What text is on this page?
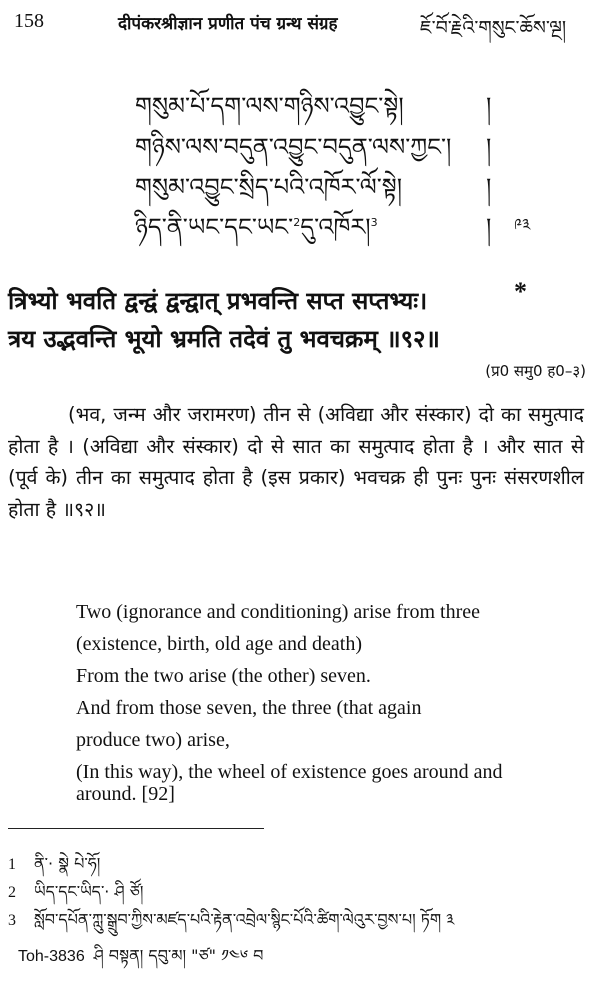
158	दीपंकरश्रीज्ञान प्रणीत पंच ग्रन्थ संग्रह	ཇོ་བོ་རྗེའི་གསུང་ཆོས་ལྔ།
གསུམ་པོ་དག་ལས་གཉིས་འབྱུང་སྟེ།	།
གཉིས་ལས་བདུན་འབྱུང་བདུན་ལས་ཀྱང་། །
གསུམ་འབྱུང་སྲིད་པའི་འཁོར་ལོ་སྟེ།	།
ཉིད་ནི་ཡང་དང་ཡང་$^2$དུ་འཁོར།$^3$	། ༩༣
त्रिभ्यो भवति द्वन्द्वं द्वन्द्वात् प्रभवन्ति सप्त सप्तभ्यः।	*
त्रय उद्भवन्ति भूयो भ्रमति तदेवं तु भवचक्रम् ॥९२॥
(प्र0 समु0 ह0–३)

(भव, जन्म और जरामरण) तीन से (अविद्या और संस्कार) दो का समुत्पाद होता है । (अविद्या और संस्कार) दो से सात का समुत्पाद होता है । और सात से (पूर्व के) तीन का समुत्पाद होता है (इस प्रकार) भवचक्र ही पुनः पुनः संसरणशील होता है ॥९२॥

Two (ignorance and conditioning) arise from three
(existence, birth, old age and death)
From the two arise (the other) seven.
And from those seven, the three (that again
produce two) arise,
(In this way), the wheel of existence goes around and around. [92]
1 ནི་· སྣེ པེ་ཧོ།
2 ཡིད་དང་ཡིད་· ཤི ཙོ།
3 སློབ་དཔོན་ཀླུ་སྒྲུབ་ཀྱིས་མཛད་པའི་རྟེན་འབྲེལ་སྙིང་པོའི་ཚིག་ལེའུར་བྱས་པ། ཏོག ༣
Toh-3836 ཤི བསྟན། དབུ་མ། "ཙ" ༡༤༦ བ
